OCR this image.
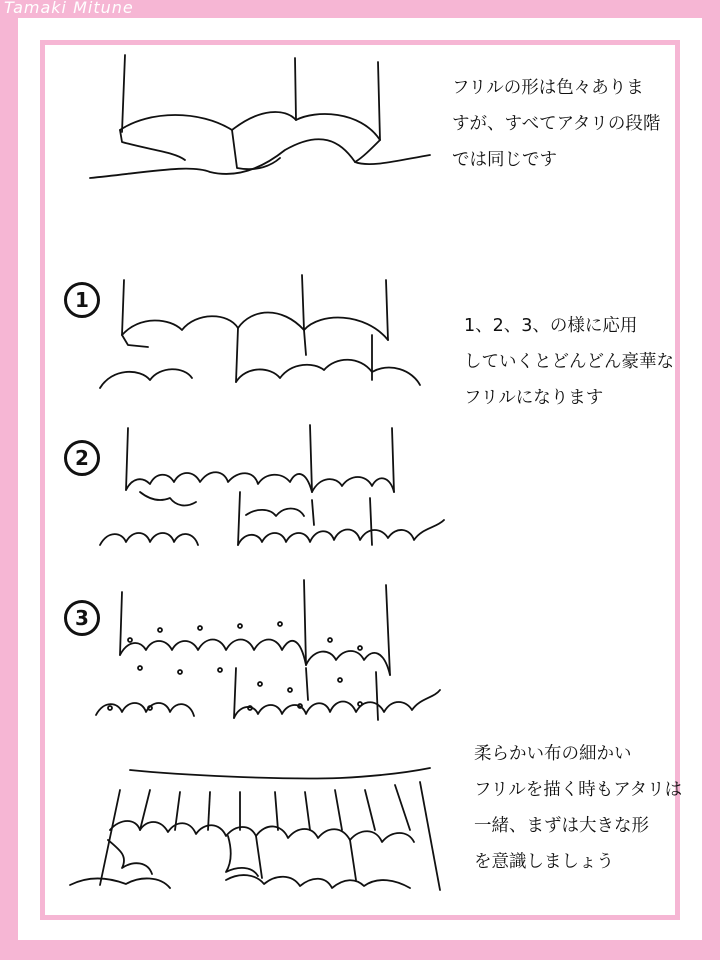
Tamaki Mitune
1
2
3
フリルの形は色々ありま
すが、すべてアタリの段階
では同じです
1、2、3、の様に応用
していくとどんどん豪華な
フリルになります
柔らかい布の細かい
フリルを描く時もアタリは
一緒、まずは大きな形
を意識しましょう
